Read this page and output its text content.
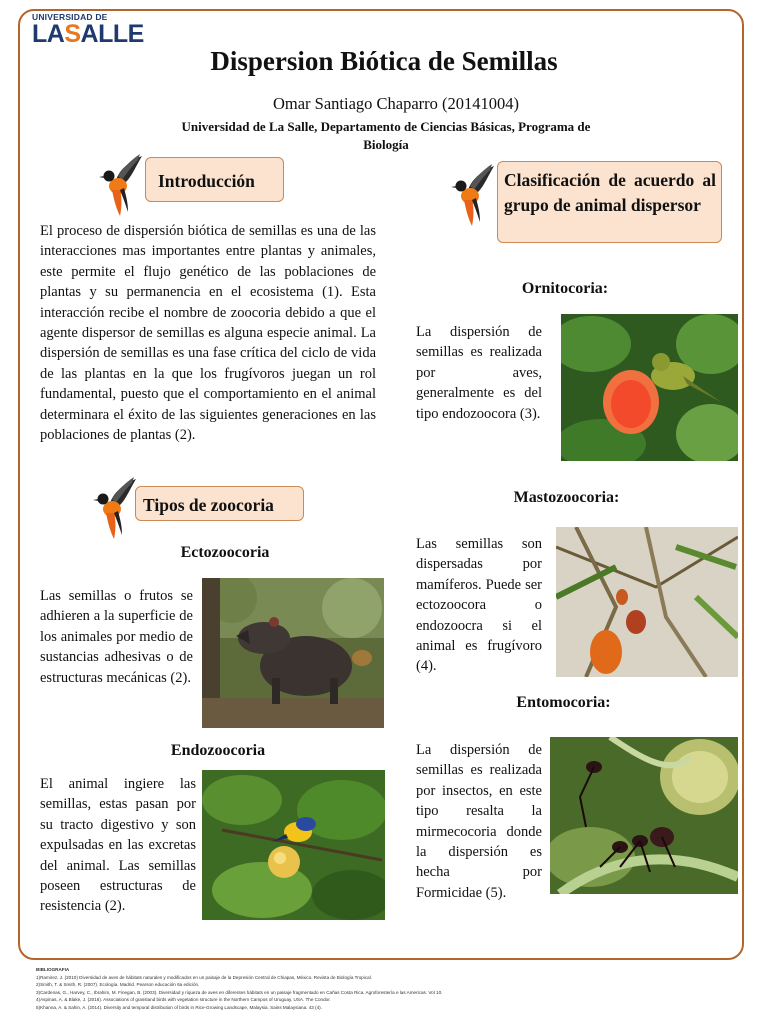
UNIVERSIDAD DE
LASALLE
Dispersion Biótica de Semillas
Omar Santiago Chaparro (20141004)
Universidad de La Salle, Departamento de Ciencias Básicas, Programa de Biología
Introducción
El proceso de dispersión biótica de semillas es una de las interacciones mas importantes entre plantas y animales, este permite el flujo genético de las poblaciones de plantas y su permanencia en el ecosistema (1). Esta interacción recibe el nombre de zoocoria debido a que el agente dispersor de semillas es alguna especie animal. La dispersión de semillas es una fase crítica del ciclo de vida de las plantas en la que los frugívoros juegan un rol fundamental, puesto que el comportamiento en el animal determinara el éxito de las siguientes generaciones en las poblaciones de plantas (2).
Clasificación de acuerdo al grupo de animal dispersor
Tipos de zoocoria
Ectozoocoria
Las semillas o frutos se adhieren a la superficie de los animales por medio de sustancias adhesivas o de estructuras mecánicas (2).
Endozoocoria
El animal ingiere las semillas, estas pasan por su tracto digestivo y son expulsadas en las excretas del animal. Las semillas poseen estructuras de resistencia (2).
Ornitocoria:
La dispersión de semillas es realizada por aves, generalmente es del tipo endozoocora (3).
Mastozoocoria:
Las semillas son dispersadas por mamíferos. Puede ser ectozoocora o endozoocra si el animal es frugívoro (4).
Entomocoria:
La dispersión de semillas es realizada por insectos, en este tipo resalta la mirmecocoria donde la dispersión es hecha por Formicidae (5).
BIBLIOGRAFIA
1)Ramirez, J. (2010) Diversidad de aves de hábitats naturales y modificados en un paisaje de la Depresión Central de Chiapas, México. Revista de Biología Tropical.
2)Smith, T. & Smith, R. (2007). Ecología. Madrid. Pearson educación 6a edición.
3)Cardenas, G., Harvey, C., Ibrahim, M. Finegan, B. (2003). Diversidad y riqueza de aves en diferentes hábitats en un paisaje fragmentado en Cañas Costa Rica. Agroforestería e las Americas. Vol 10.
4)Aspinas, A. & Blake, J. (2016). Associations of grassland birds with vegetation structure in the Northern Campos of Uruguay. USA. The Condor.
5)Khanna, A. & Sahin, A. (2014). Diversity and temporal distribution of birds in Rice-Growing Landscape, Malaysia. Sains Malaysiana. 43 (4).
